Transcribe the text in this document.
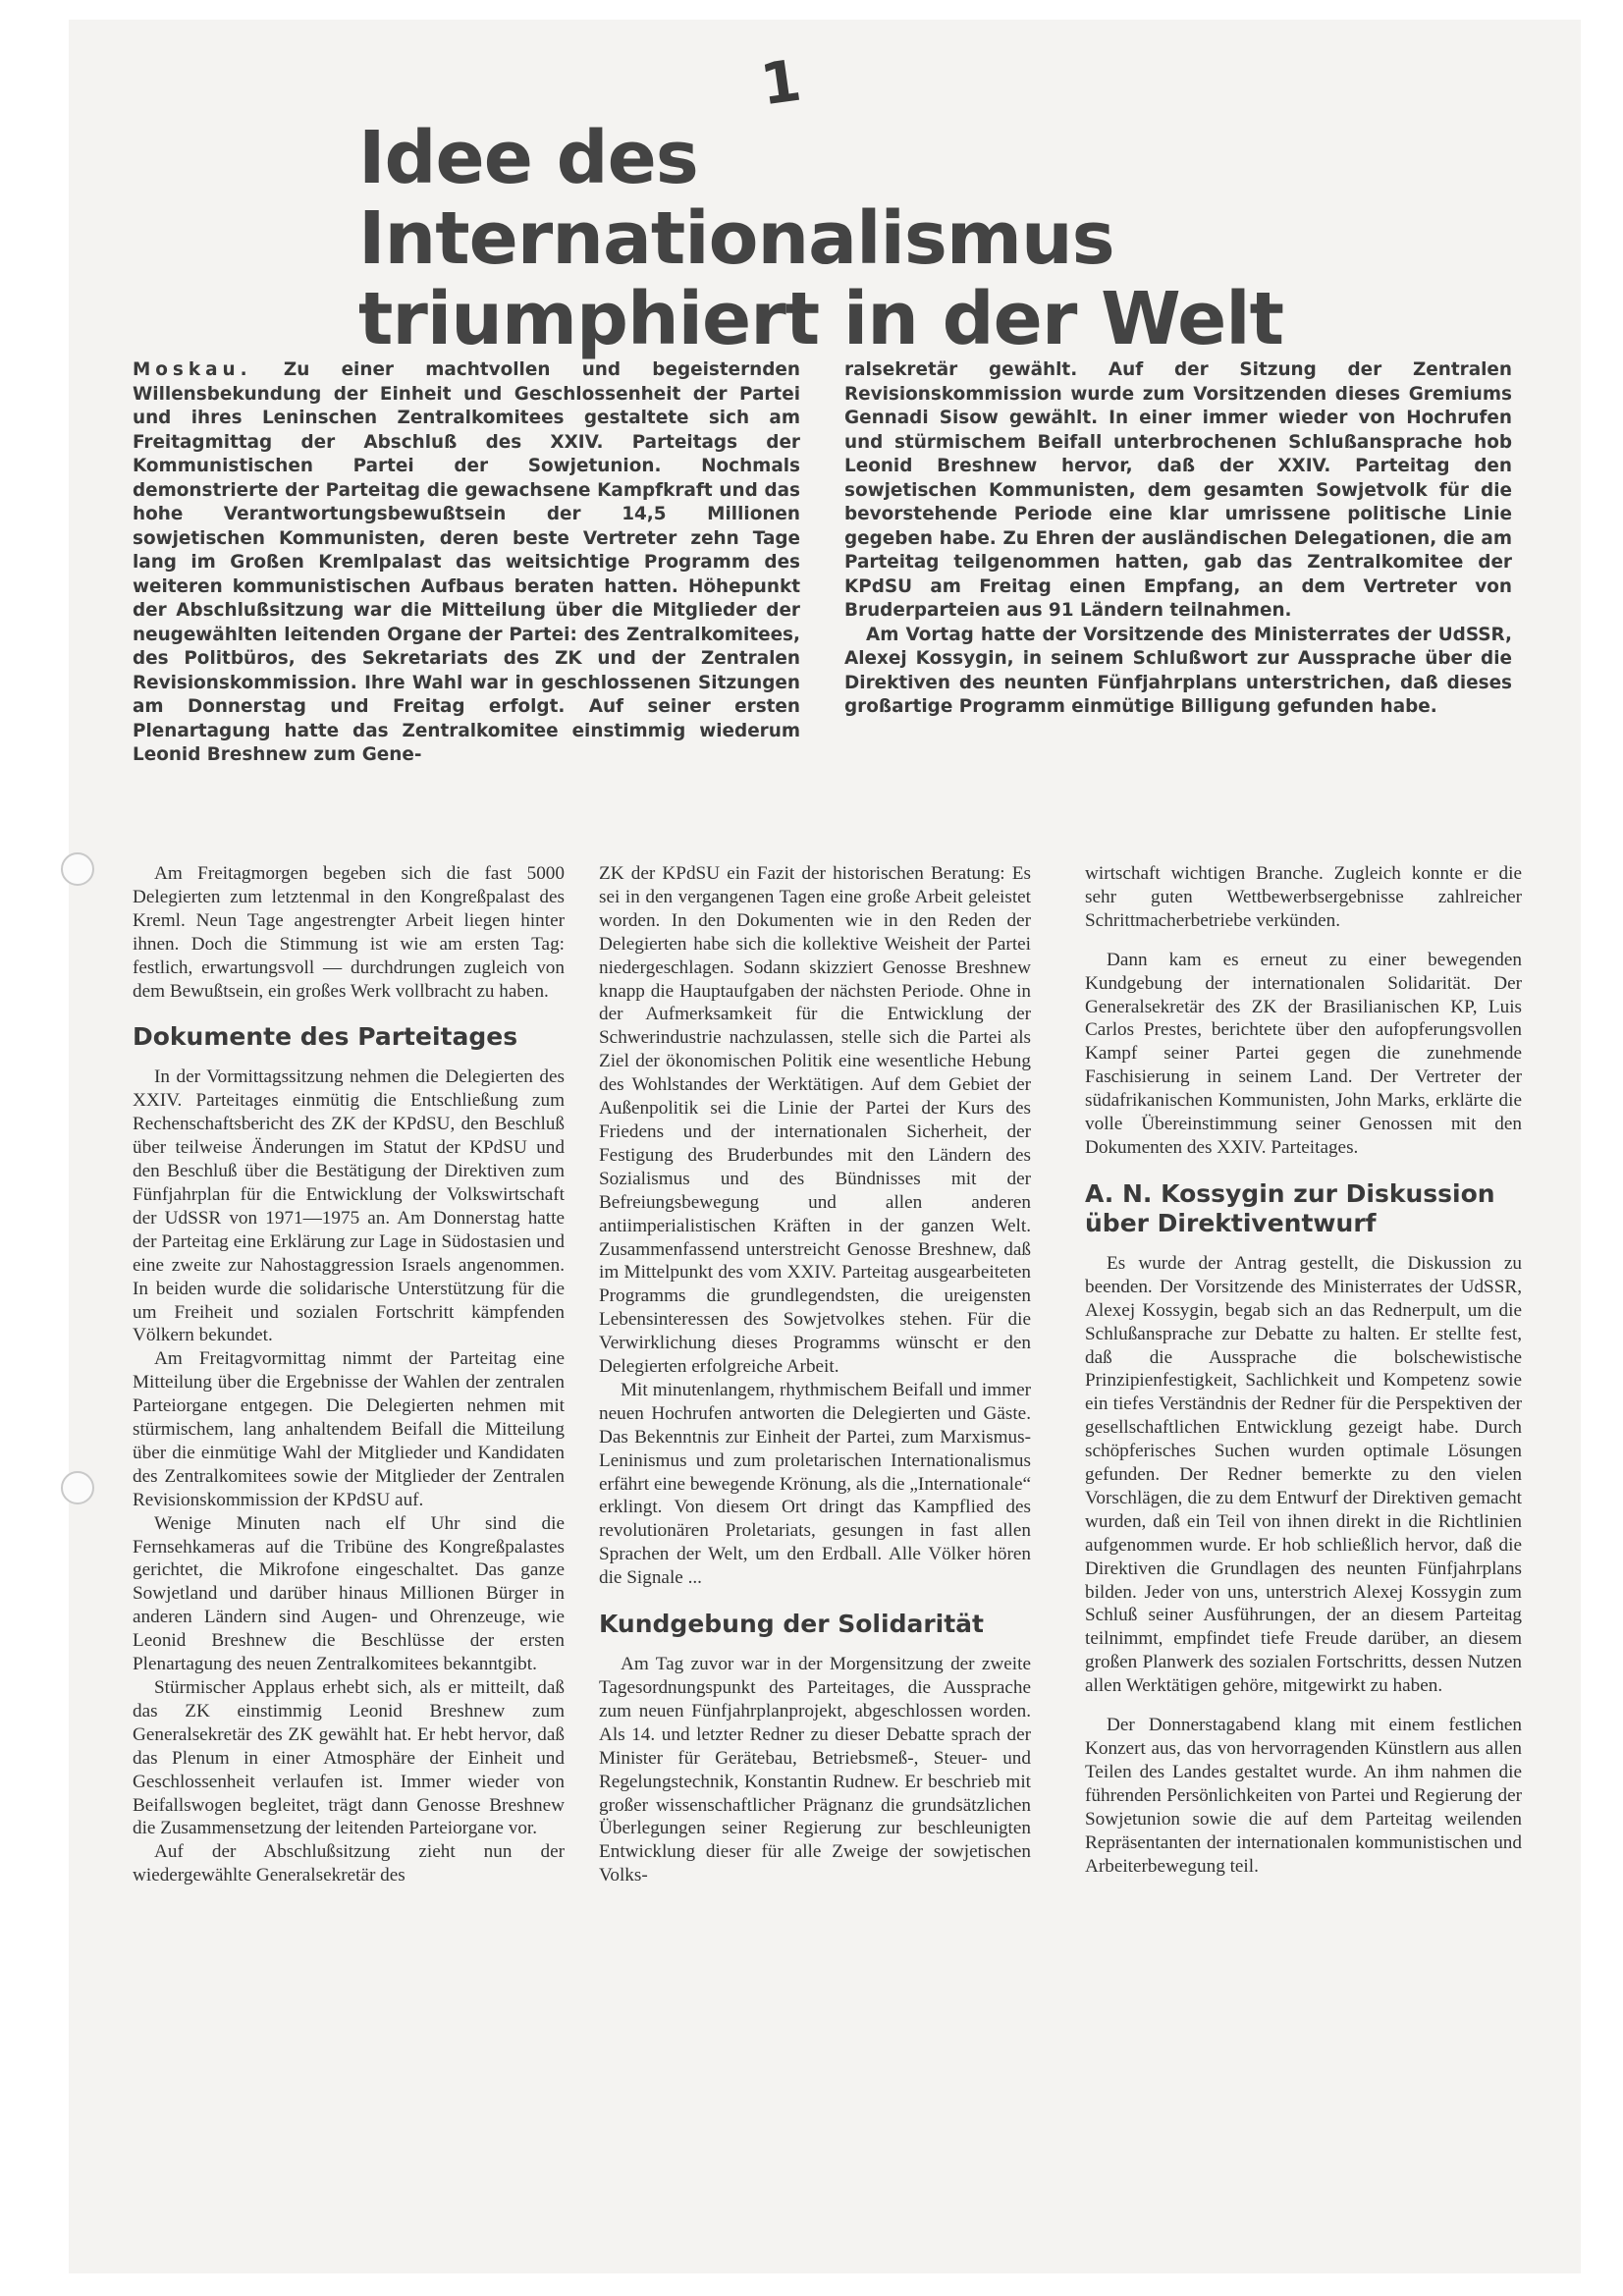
1
Idee des Internationalismus
triumphiert in der Welt

Moskau. Zu einer machtvollen und begeisternden Willensbekundung der Einheit und Geschlossenheit der Partei und ihres Leninschen Zentralkomitees gestaltete sich am Freitagmittag der Abschluß des XXIV. Parteitags der Kommunistischen Partei der Sowjetunion. Nochmals demonstrierte der Parteitag die gewachsene Kampfkraft und das hohe Verantwortungsbewußtsein der 14,5 Millionen sowjetischen Kommunisten, deren beste Vertreter zehn Tage lang im Großen Kremlpalast das weitsichtige Programm des weiteren kommunistischen Aufbaus beraten hatten. Höhepunkt der Abschlußsitzung war die Mitteilung über die Mitglieder der neugewählten leitenden Organe der Partei: des Zentralkomitees, des Politbüros, des Sekretariats des ZK und der Zentralen Revisionskommission. Ihre Wahl war in geschlossenen Sitzungen am Donnerstag und Freitag erfolgt. Auf seiner ersten Plenartagung hatte das Zentralkomitee einstimmig wiederum Leonid Breshnew zum Gene-

ralsekretär gewählt. Auf der Sitzung der Zentralen Revisionskommission wurde zum Vorsitzenden dieses Gremiums Gennadi Sisow gewählt. In einer immer wieder von Hochrufen und stürmischem Beifall unterbrochenen Schlußansprache hob Leonid Breshnew hervor, daß der XXIV. Parteitag den sowjetischen Kommunisten, dem gesamten Sowjetvolk für die bevorstehende Periode eine klar umrissene politische Linie gegeben habe. Zu Ehren der ausländischen Delegationen, die am Parteitag teilgenommen hatten, gab das Zentralkomitee der KPdSU am Freitag einen Empfang, an dem Vertreter von Bruderparteien aus 91 Ländern teilnahmen.

Am Vortag hatte der Vorsitzende des Ministerrates der UdSSR, Alexej Kossygin, in seinem Schlußwort zur Aussprache über die Direktiven des neunten Fünfjahrplans unterstrichen, daß dieses großartige Programm einmütige Billigung gefunden habe.

Am Freitagmorgen begeben sich die fast 5000 Delegierten zum letztenmal in den Kongreßpalast des Kreml. Neun Tage angestrengter Arbeit liegen hinter ihnen. Doch die Stimmung ist wie am ersten Tag: festlich, erwartungsvoll — durchdrungen zugleich von dem Bewußtsein, ein großes Werk vollbracht zu haben.

Dokumente des Parteitages

In der Vormittagssitzung nehmen die Delegierten des XXIV. Parteitages einmütig die Entschließung zum Rechenschaftsbericht des ZK der KPdSU, den Beschluß über teilweise Änderungen im Statut der KPdSU und den Beschluß über die Bestätigung der Direktiven zum Fünfjahrplan für die Entwicklung der Volkswirtschaft der UdSSR von 1971—1975 an. Am Donnerstag hatte der Parteitag eine Erklärung zur Lage in Südostasien und eine zweite zur Nahostaggression Israels angenommen. In beiden wurde die solidarische Unterstützung für die um Freiheit und sozialen Fortschritt kämpfenden Völkern bekundet.

Am Freitagvormittag nimmt der Parteitag eine Mitteilung über die Ergebnisse der Wahlen der zentralen Parteiorgane entgegen. Die Delegierten nehmen mit stürmischem, lang anhaltendem Beifall die Mitteilung über die einmütige Wahl der Mitglieder und Kandidaten des Zentralkomitees sowie der Mitglieder der Zentralen Revisionskommission der KPdSU auf.

Wenige Minuten nach elf Uhr sind die Fernsehkameras auf die Tribüne des Kongreßpalastes gerichtet, die Mikrofone eingeschaltet. Das ganze Sowjetland und darüber hinaus Millionen Bürger in anderen Ländern sind Augen- und Ohrenzeuge, wie Leonid Breshnew die Beschlüsse der ersten Plenartagung des neuen Zentralkomitees bekanntgibt.

Stürmischer Applaus erhebt sich, als er mitteilt, daß das ZK einstimmig Leonid Breshnew zum Generalsekretär des ZK gewählt hat. Er hebt hervor, daß das Plenum in einer Atmosphäre der Einheit und Geschlossenheit verlaufen ist. Immer wieder von Beifallswogen begleitet, trägt dann Genosse Breshnew die Zusammensetzung der leitenden Parteiorgane vor.

Auf der Abschlußsitzung zieht nun der wiedergewählte Generalsekretär des

ZK der KPdSU ein Fazit der historischen Beratung: Es sei in den vergangenen Tagen eine große Arbeit geleistet worden. In den Dokumenten wie in den Reden der Delegierten habe sich die kollektive Weisheit der Partei niedergeschlagen. Sodann skizziert Genosse Breshnew knapp die Hauptaufgaben der nächsten Periode. Ohne in der Aufmerksamkeit für die Entwicklung der Schwerindustrie nachzulassen, stelle sich die Partei als Ziel der ökonomischen Politik eine wesentliche Hebung des Wohlstandes der Werktätigen. Auf dem Gebiet der Außenpolitik sei die Linie der Partei der Kurs des Friedens und der internationalen Sicherheit, der Festigung des Bruderbundes mit den Ländern des Sozialismus und des Bündnisses mit der Befreiungsbewegung und allen anderen antiimperialistischen Kräften in der ganzen Welt. Zusammenfassend unterstreicht Genosse Breshnew, daß im Mittelpunkt des vom XXIV. Parteitag ausgearbeiteten Programms die grundlegendsten, die ureigensten Lebensinteressen des Sowjetvolkes stehen. Für die Verwirklichung dieses Programms wünscht er den Delegierten erfolgreiche Arbeit.

Mit minutenlangem, rhythmischem Beifall und immer neuen Hochrufen antworten die Delegierten und Gäste. Das Bekenntnis zur Einheit der Partei, zum Marxismus-Leninismus und zum proletarischen Internationalismus erfährt eine bewegende Krönung, als die „Internationale“ erklingt. Von diesem Ort dringt das Kampflied des revolutionären Proletariats, gesungen in fast allen Sprachen der Welt, um den Erdball. Alle Völker hören die Signale ...

Kundgebung der Solidarität

Am Tag zuvor war in der Morgensitzung der zweite Tagesordnungspunkt des Parteitages, die Aussprache zum neuen Fünfjahrplanprojekt, abgeschlossen worden. Als 14. und letzter Redner zu dieser Debatte sprach der Minister für Gerätebau, Betriebsmeß-, Steuer- und Regelungstechnik, Konstantin Rudnew. Er beschrieb mit großer wissenschaftlicher Prägnanz die grundsätzlichen Überlegungen seiner Regierung zur beschleunigten Entwicklung dieser für alle Zweige der sowjetischen Volks-

wirtschaft wichtigen Branche. Zugleich konnte er die sehr guten Wettbewerbsergebnisse zahlreicher Schrittmacherbetriebe verkünden.

Dann kam es erneut zu einer bewegenden Kundgebung der internationalen Solidarität. Der Generalsekretär des ZK der Brasilianischen KP, Luis Carlos Prestes, berichtete über den aufopferungsvollen Kampf seiner Partei gegen die zunehmende Faschisierung in seinem Land. Der Vertreter der südafrikanischen Kommunisten, John Marks, erklärte die volle Übereinstimmung seiner Genossen mit den Dokumenten des XXIV. Parteitages.

A. N. Kossygin zur Diskussion
über Direktiventwurf

Es wurde der Antrag gestellt, die Diskussion zu beenden. Der Vorsitzende des Ministerrates der UdSSR, Alexej Kossygin, begab sich an das Rednerpult, um die Schlußansprache zur Debatte zu halten. Er stellte fest, daß die Aussprache die bolschewistische Prinzipienfestigkeit, Sachlichkeit und Kompetenz sowie ein tiefes Verständnis der Redner für die Perspektiven der gesellschaftlichen Entwicklung gezeigt habe. Durch schöpferisches Suchen wurden optimale Lösungen gefunden. Der Redner bemerkte zu den vielen Vorschlägen, die zu dem Entwurf der Direktiven gemacht wurden, daß ein Teil von ihnen direkt in die Richtlinien aufgenommen wurde. Er hob schließlich hervor, daß die Direktiven die Grundlagen des neunten Fünfjahrplans bilden. Jeder von uns, unterstrich Alexej Kossygin zum Schluß seiner Ausführungen, der an diesem Parteitag teilnimmt, empfindet tiefe Freude darüber, an diesem großen Planwerk des sozialen Fortschritts, dessen Nutzen allen Werktätigen gehöre, mitgewirkt zu haben.

Der Donnerstagabend klang mit einem festlichen Konzert aus, das von hervorragenden Künstlern aus allen Teilen des Landes gestaltet wurde. An ihm nahmen die führenden Persönlichkeiten von Partei und Regierung der Sowjetunion sowie die auf dem Parteitag weilenden Repräsentanten der internationalen kommunistischen und Arbeiterbewegung teil.
